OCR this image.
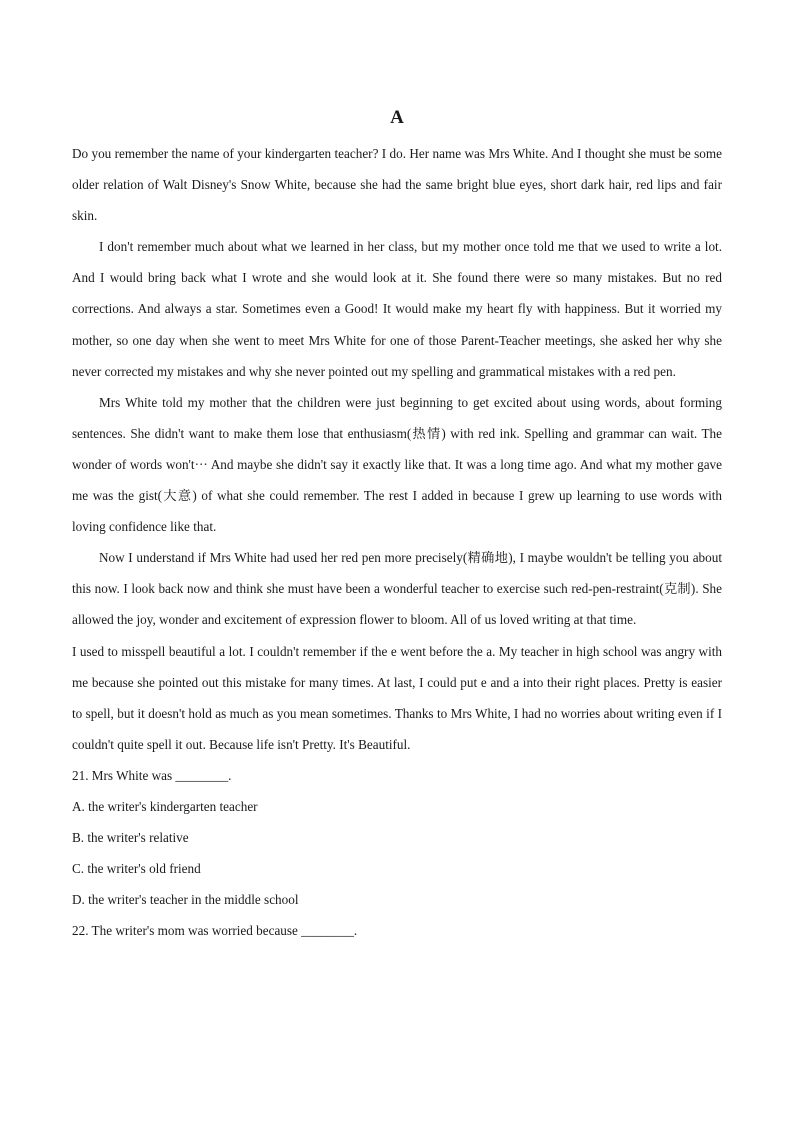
A

Do you remember the name of your kindergarten teacher? I do. Her name was Mrs White. And I thought she must be some older relation of Walt Disney's Snow White, because she had the same bright blue eyes, short dark hair, red lips and fair skin.

I don't remember much about what we learned in her class, but my mother once told me that we used to write a lot. And I would bring back what I wrote and she would look at it. She found there were so many mistakes. But no red corrections. And always a star. Sometimes even a Good! It would make my heart fly with happiness. But it worried my mother, so one day when she went to meet Mrs White for one of those Parent-Teacher meetings, she asked her why she never corrected my mistakes and why she never pointed out my spelling and grammatical mistakes with a red pen.

Mrs White told my mother that the children were just beginning to get excited about using words, about forming sentences. She didn't want to make them lose that enthusiasm(热情) with red ink. Spelling and grammar can wait. The wonder of words won't··· And maybe she didn't say it exactly like that. It was a long time ago. And what my mother gave me was the gist(大意) of what she could remember. The rest I added in because I grew up learning to use words with loving confidence like that.

Now I understand if Mrs White had used her red pen more precisely(精确地), I maybe wouldn't be telling you about this now. I look back now and think she must have been a wonderful teacher to exercise such red-pen-restraint(克制). She allowed the joy, wonder and excitement of expression flower to bloom. All of us loved writing at that time.

I used to misspell beautiful a lot. I couldn't remember if the e went before the a. My teacher in high school was angry with me because she pointed out this mistake for many times. At last, I could put e and a into their right places. Pretty is easier to spell, but it doesn't hold as much as you mean sometimes. Thanks to Mrs White, I had no worries about writing even if I couldn't quite spell it out. Because life isn't Pretty. It's Beautiful.

21. Mrs White was ________.

A. the writer's kindergarten teacher

B. the writer's relative

C. the writer's old friend

D. the writer's teacher in the middle school

22. The writer's mom was worried because ________.
